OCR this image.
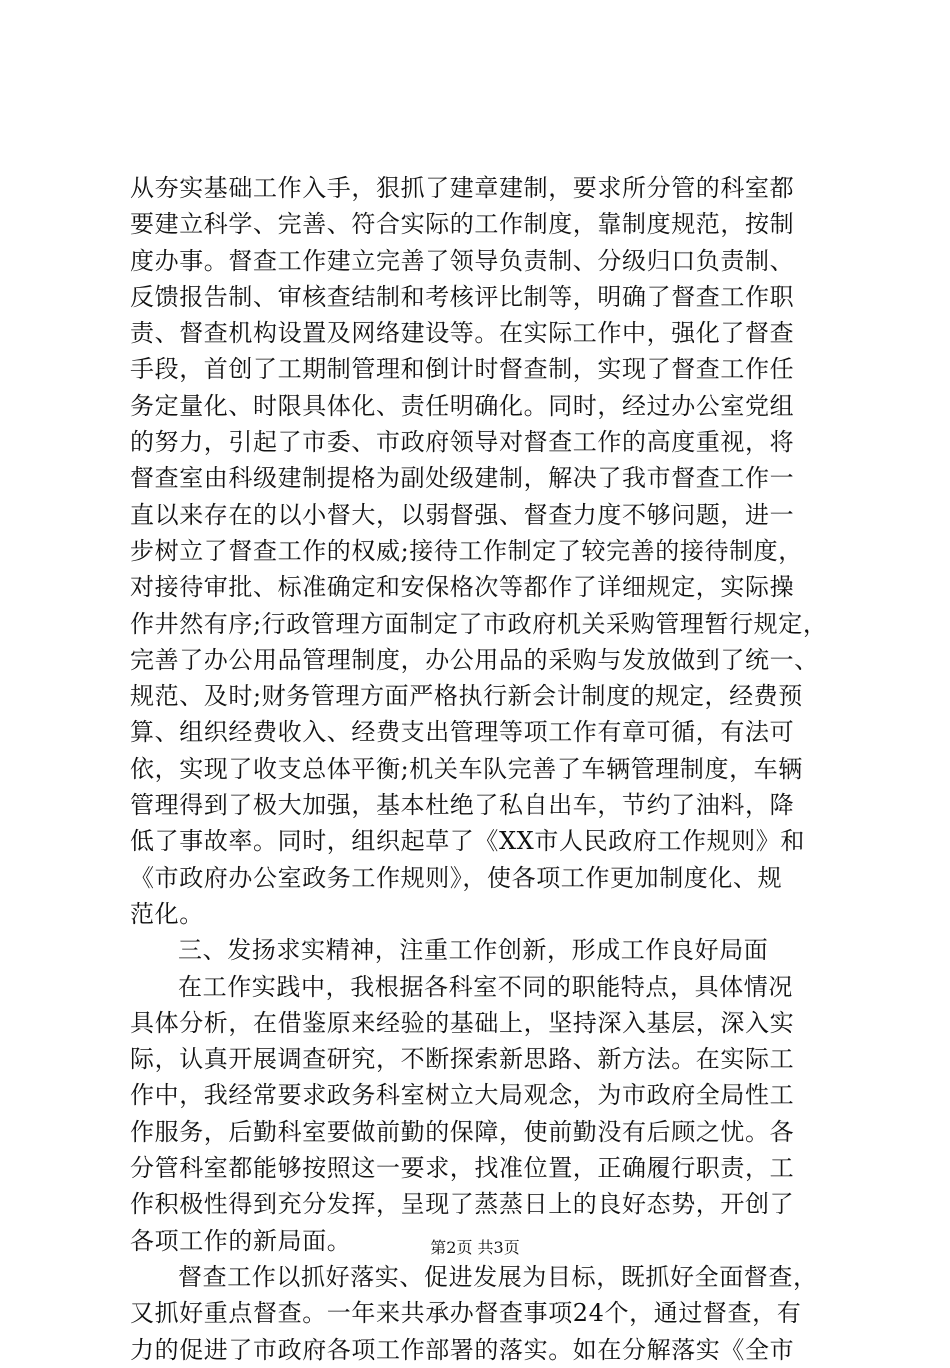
从夯实基础工作入手，狠抓了建章建制，要求所分管的科室都
要建立科学、完善、符合实际的工作制度，靠制度规范，按制
度办事。督查工作建立完善了领导负责制、分级归口负责制、
反馈报告制、审核查结制和考核评比制等，明确了督查工作职
责、督查机构设置及网络建设等。在实际工作中，强化了督查
手段，首创了工期制管理和倒计时督查制，实现了督查工作任
务定量化、时限具体化、责任明确化。同时，经过办公室党组
的努力，引起了市委、市政府领导对督查工作的高度重视，将
督查室由科级建制提格为副处级建制，解决了我市督查工作一
直以来存在的以小督大，以弱督强、督查力度不够问题，进一
步树立了督查工作的权威;接待工作制定了较完善的接待制度，
对接待审批、标准确定和安保格次等都作了详细规定，实际操
作井然有序;行政管理方面制定了市政府机关采购管理暂行规定，
完善了办公用品管理制度，办公用品的采购与发放做到了统一、
规范、及时;财务管理方面严格执行新会计制度的规定，经费预
算、组织经费收入、经费支出管理等项工作有章可循，有法可
依，实现了收支总体平衡;机关车队完善了车辆管理制度，车辆
管理得到了极大加强，基本杜绝了私自出车，节约了油料，降
低了事故率。同时，组织起草了《XX市人民政府工作规则》和
《市政府办公室政务工作规则》，使各项工作更加制度化、规
范化。
三、发扬求实精神，注重工作创新，形成工作良好局面
在工作实践中，我根据各科室不同的职能特点，具体情况
具体分析，在借鉴原来经验的基础上，坚持深入基层，深入实
际，认真开展调查研究，不断探索新思路、新方法。在实际工
作中，我经常要求政务科室树立大局观念，为市政府全局性工
作服务，后勤科室要做前勤的保障，使前勤没有后顾之忧。各
分管科室都能够按照这一要求，找准位置，正确履行职责，工
作积极性得到充分发挥，呈现了蒸蒸日上的良好态势，开创了
各项工作的新局面。
督查工作以抓好落实、促进发展为目标，既抓好全面督查，
又抓好重点督查。一年来共承办督查事项24个，通过督查，有
力的促进了市政府各项工作部署的落实。如在分解落实《全市
第2页 共3页
